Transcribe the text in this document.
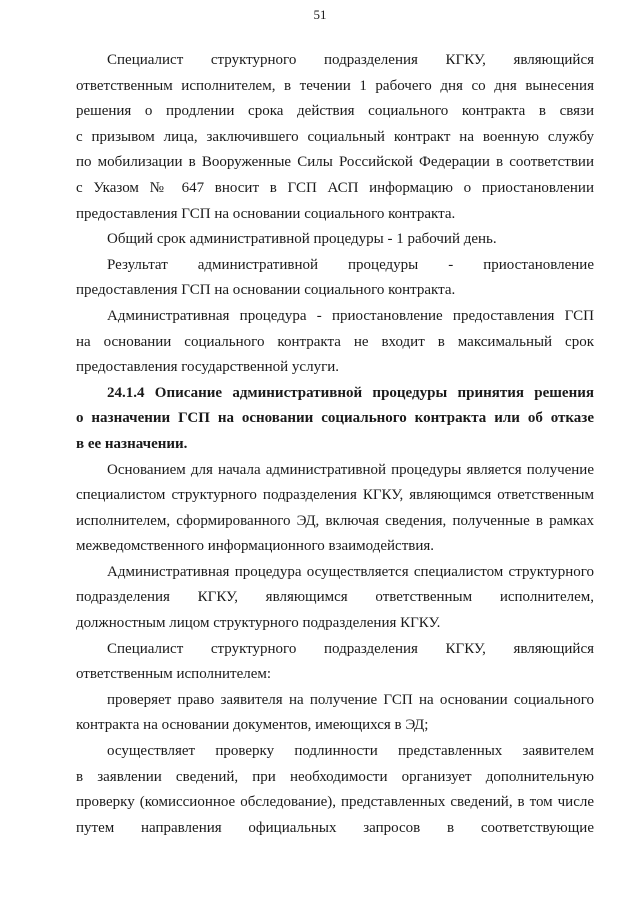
51
Специалист структурного подразделения КГКУ, являющийся
ответственным исполнителем, в течении 1 рабочего дня со дня вынесения
решения о продлении срока действия социального контракта в связи
с призывом лица, заключившего социальный контракт на военную службу
по мобилизации в Вооруженные Силы Российской Федерации в соответствии
с Указом № 647 вносит в ГСП АСП информацию о приостановлении
предоставления ГСП на основании социального контракта.
Общий срок административной процедуры - 1 рабочий день.
Результат административной процедуры - приостановление
предоставления ГСП на основании социального контракта.
Административная процедура - приостановление предоставления ГСП
на основании социального контракта не входит в максимальный срок
предоставления государственной услуги.
24.1.4 Описание административной процедуры принятия решения
о назначении ГСП на основании социального контракта или об отказе
в ее назначении.
Основанием для начала административной процедуры является получение
специалистом структурного подразделения КГКУ, являющимся ответственным
исполнителем, сформированного ЭД, включая сведения, полученные в рамках
межведомственного информационного взаимодействия.
Административная процедура осуществляется специалистом структурного
подразделения КГКУ, являющимся ответственным исполнителем,
должностным лицом структурного подразделения КГКУ.
Специалист структурного подразделения КГКУ, являющийся
ответственным исполнителем:
проверяет право заявителя на получение ГСП на основании социального
контракта на основании документов, имеющихся в ЭД;
осуществляет проверку подлинности представленных заявителем
в заявлении сведений, при необходимости организует дополнительную
проверку (комиссионное обследование), представленных сведений, в том числе
путем направления официальных запросов в соответствующие
